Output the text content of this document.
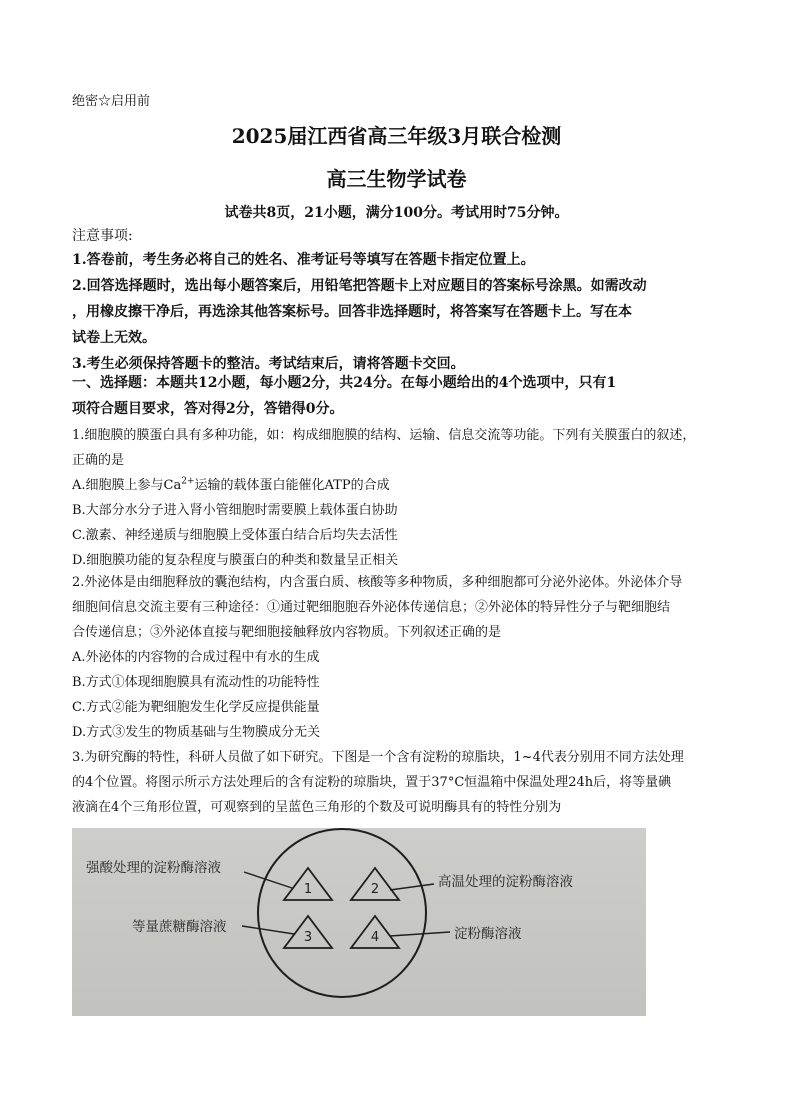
绝密☆启用前
2025届江西省高三年级3月联合检测
高三生物学试卷
试卷共8页，21小题，满分100分。考试用时75分钟。
注意事项:
1.答卷前，考生务必将自己的姓名、准考证号等填写在答题卡指定位置上。
2.回答选择题时，选出每小题答案后，用铅笔把答题卡上对应题目的答案标号涂黑。如需改动
，用橡皮擦干净后，再选涂其他答案标号。回答非选择题时，将答案写在答题卡上。写在本
试卷上无效。
3.考生必须保持答题卡的整洁。考试结束后，请将答题卡交回。
一、选择题：本题共12小题，每小题2分，共24分。在每小题给出的4个选项中，只有1
项符合题目要求，答对得2分，答错得0分。
1.细胞膜的膜蛋白具有多种功能，如：构成细胞膜的结构、运输、信息交流等功能。下列有关膜蛋白的叙述，
正确的是
A.细胞膜上参与$Ca^{2+}$运输的载体蛋白能催化ATP的合成
B.大部分水分子进入肾小管细胞时需要膜上载体蛋白协助
C.激素、神经递质与细胞膜上受体蛋白结合后均失去活性
D.细胞膜功能的复杂程度与膜蛋白的种类和数量呈正相关
2.外泌体是由细胞释放的囊泡结构，内含蛋白质、核酸等多种物质，多种细胞都可分泌外泌体。外泌体介导
细胞间信息交流主要有三种途径：①通过靶细胞胞吞外泌体传递信息；②外泌体的特异性分子与靶细胞结
合传递信息；③外泌体直接与靶细胞接触释放内容物质。下列叙述正确的是
A.外泌体的内容物的合成过程中有水的生成
B.方式①体现细胞膜具有流动性的功能特性
C.方式②能为靶细胞发生化学反应提供能量
D.方式③发生的物质基础与生物膜成分无关
3.为研究酶的特性，科研人员做了如下研究。下图是一个含有淀粉的琼脂块，1~4代表分别用不同方法处理
的4个位置。将图示所示方法处理后的含有淀粉的琼脂块，置于37°C恒温箱中保温处理24h后，将等量碘
液滴在4个三角形位置，可观察到的呈蓝色三角形的个数及可说明酶具有的特性分别为
1	2
3	4
强酸处理的淀粉酶溶液
高温处理的淀粉酶溶液
等量蔗糖酶溶液	淀粉酶溶液
